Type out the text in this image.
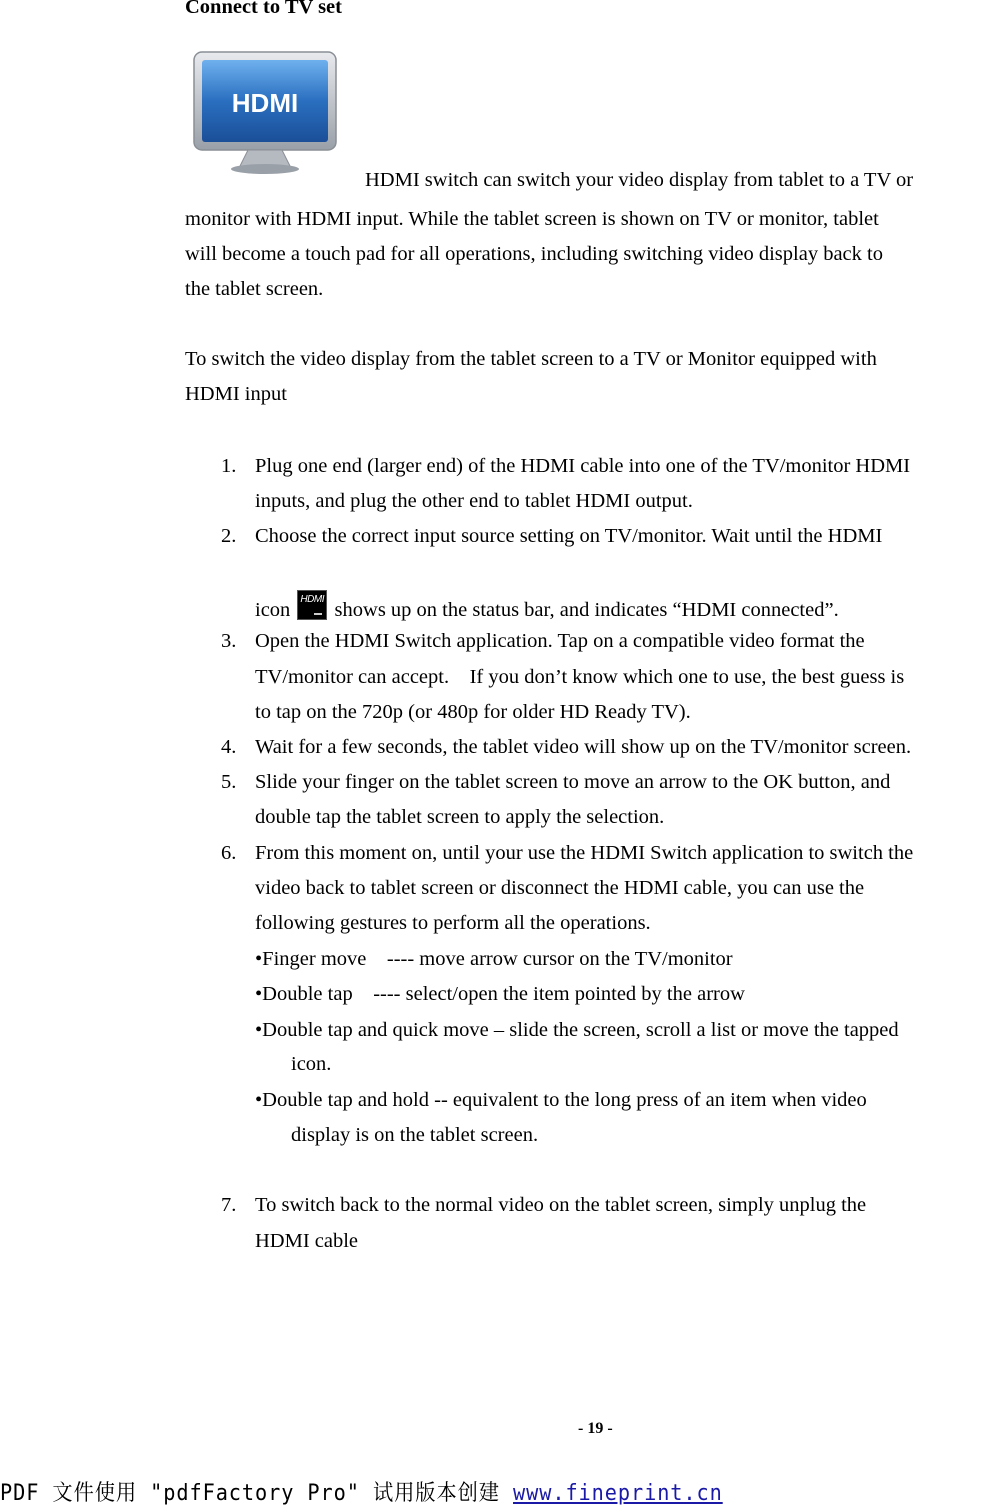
Connect to TV set
HDMI
HDMI switch can switch your video display from tablet to a TV or
monitor with HDMI input. While the tablet screen is shown on TV or monitor, tablet
will become a touch pad for all operations, including switching video display back to
the tablet screen.
To switch the video display from the tablet screen to a TV or Monitor equipped with
HDMI input
1. Plug one end (larger end) of the HDMI cable into one of the TV/monitor HDMI
inputs, and plug the other end to tablet HDMI output.
2. Choose the correct input source setting on TV/monitor. Wait until the HDMI
icon HDMI shows up on the status bar, and indicates “HDMI connected”.
3. Open the HDMI Switch application. Tap on a compatible video format the
TV/monitor can accept.    If you don’t know which one to use, the best guess is
to tap on the 720p (or 480p for older HD Ready TV).
4. Wait for a few seconds, the tablet video will show up on the TV/monitor screen.
5. Slide your finger on the tablet screen to move an arrow to the OK button, and
double tap the tablet screen to apply the selection.
6. From this moment on, until your use the HDMI Switch application to switch the
video back to tablet screen or disconnect the HDMI cable, you can use the
following gestures to perform all the operations.
•Finger move    ---- move arrow cursor on the TV/monitor
•Double tap    ---- select/open the item pointed by the arrow
•Double tap and quick move – slide the screen, scroll a list or move the tapped
icon.
•Double tap and hold -- equivalent to the long press of an item when video
display is on the tablet screen.
7. To switch back to the normal video on the tablet screen, simply unplug the
HDMI cable
- 19 -
PDF 文件使用 "pdfFactory Pro" 试用版本创建 www.fineprint.cn
